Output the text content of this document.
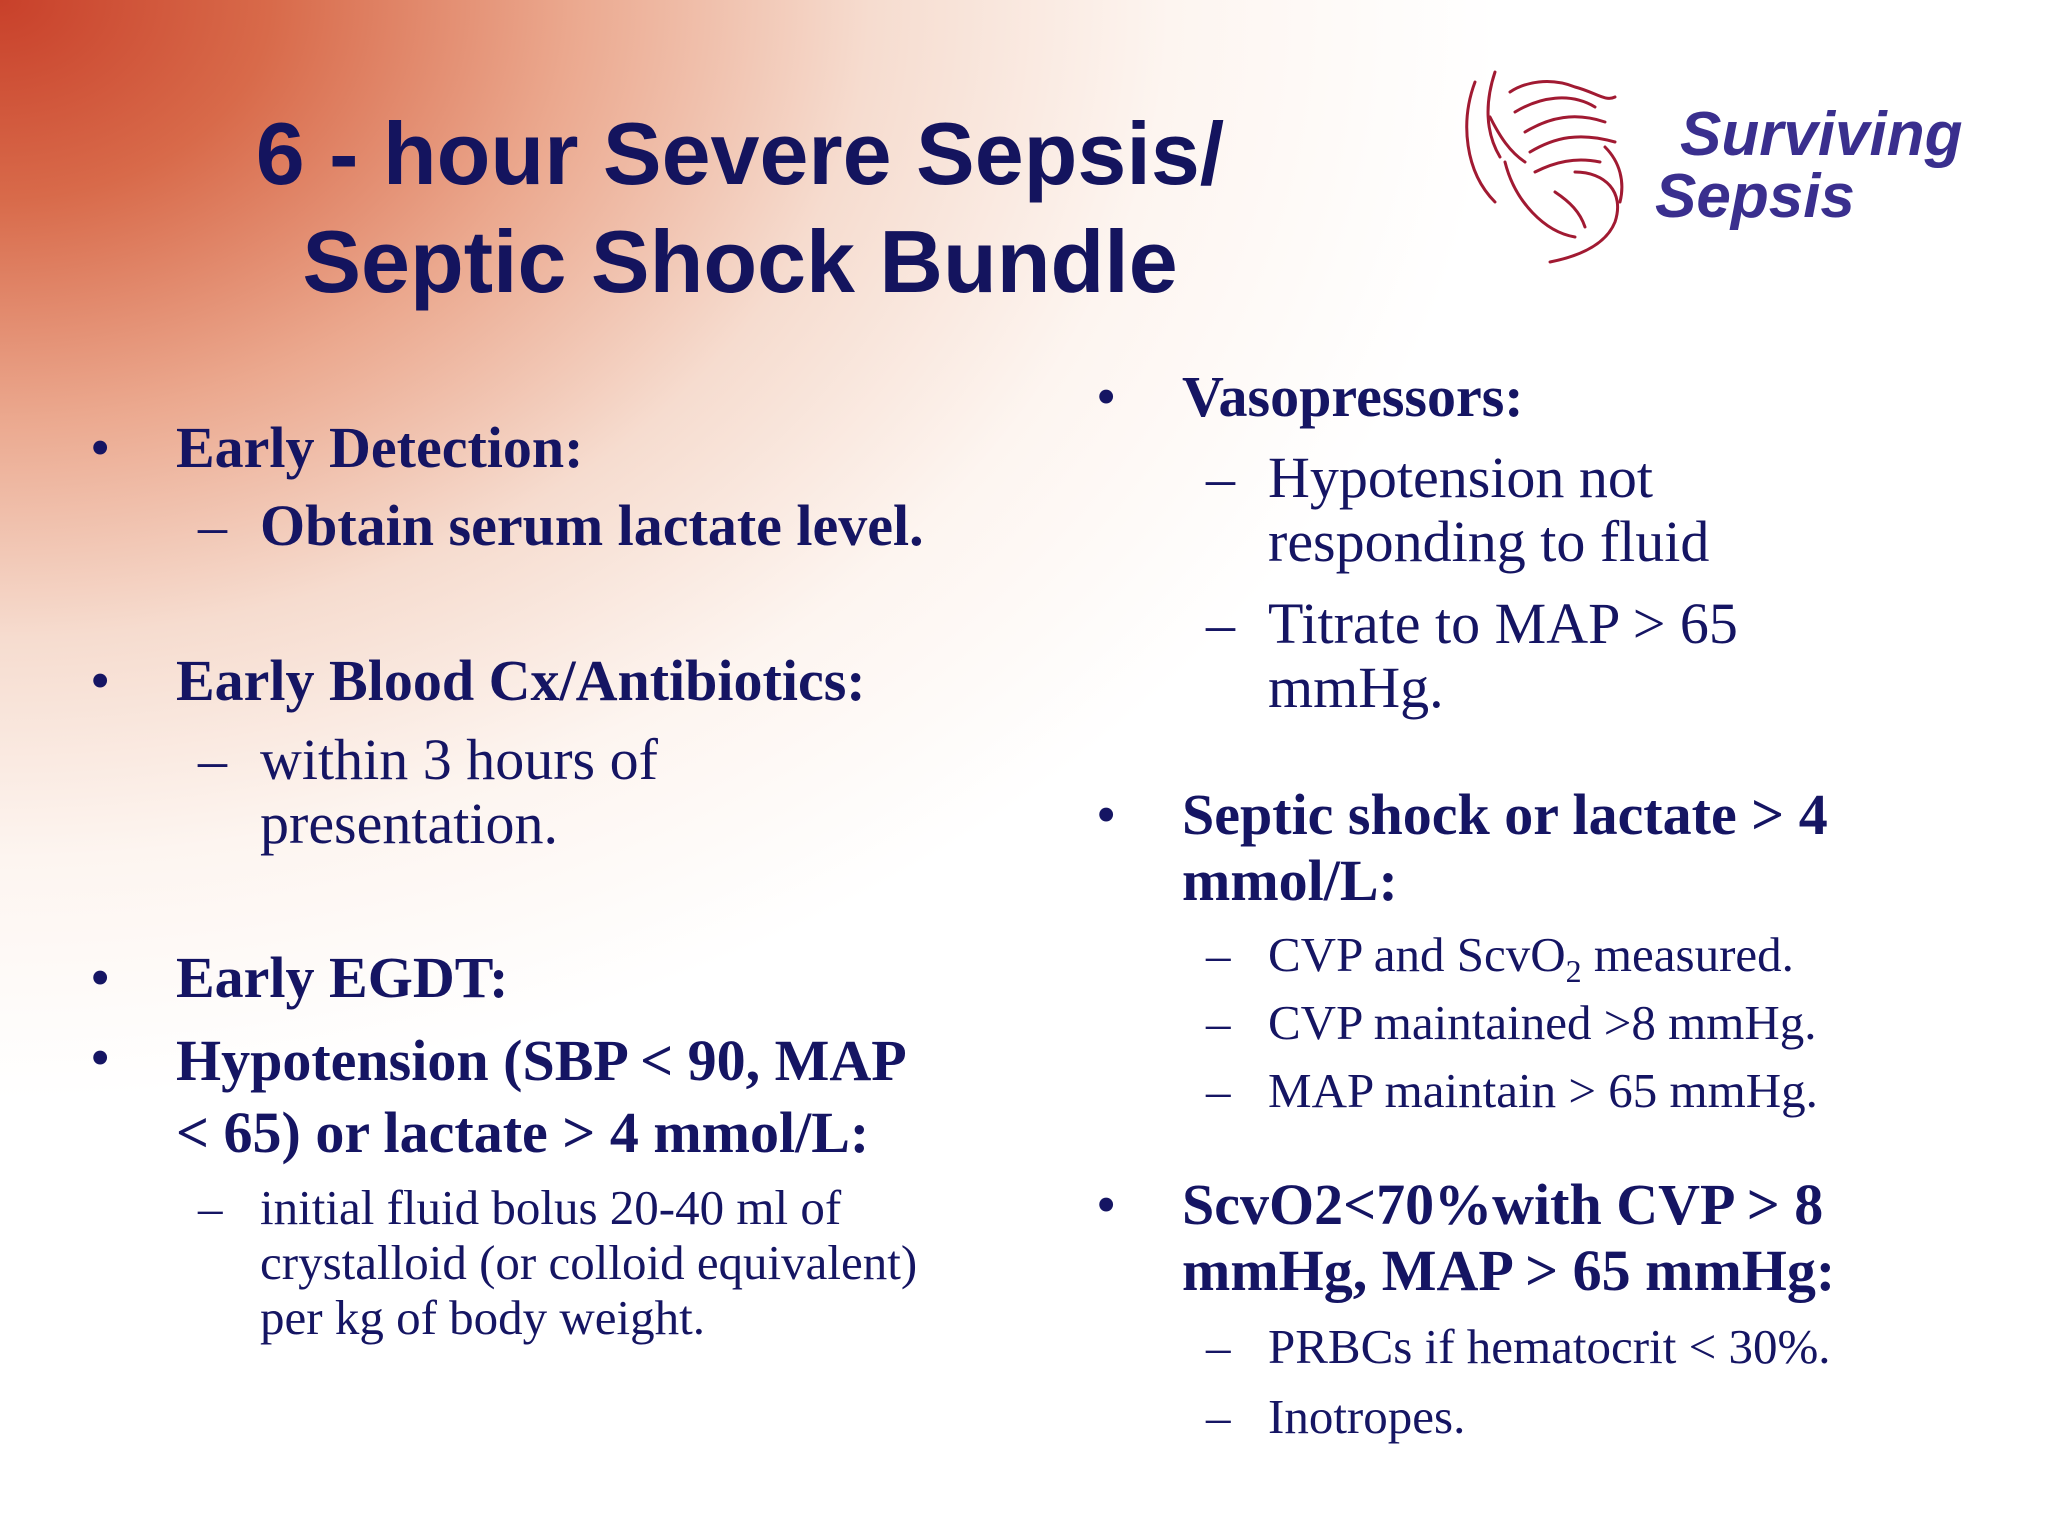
6 - hour Severe Sepsis/
Septic Shock Bundle
Surviving
Sepsis
• Early Detection:
– Obtain serum lactate level.
• Early Blood Cx/Antibiotics:
– within 3 hours of
presentation.
• Early EGDT:
• Hypotension (SBP < 90, MAP
< 65) or lactate > 4 mmol/L:
– initial fluid bolus 20-40 ml of
crystalloid (or colloid equivalent)
per kg of body weight.
• Vasopressors:
– Hypotension not
responding to fluid
– Titrate to MAP > 65
mmHg.
• Septic shock or lactate > 4
mmol/L:
– CVP and ScvO$_2$ measured.
– CVP maintained >8 mmHg.
– MAP maintain > 65 mmHg.
• ScvO2<70%with CVP > 8
mmHg, MAP > 65 mmHg:
– PRBCs if hematocrit < 30%.
– Inotropes.
